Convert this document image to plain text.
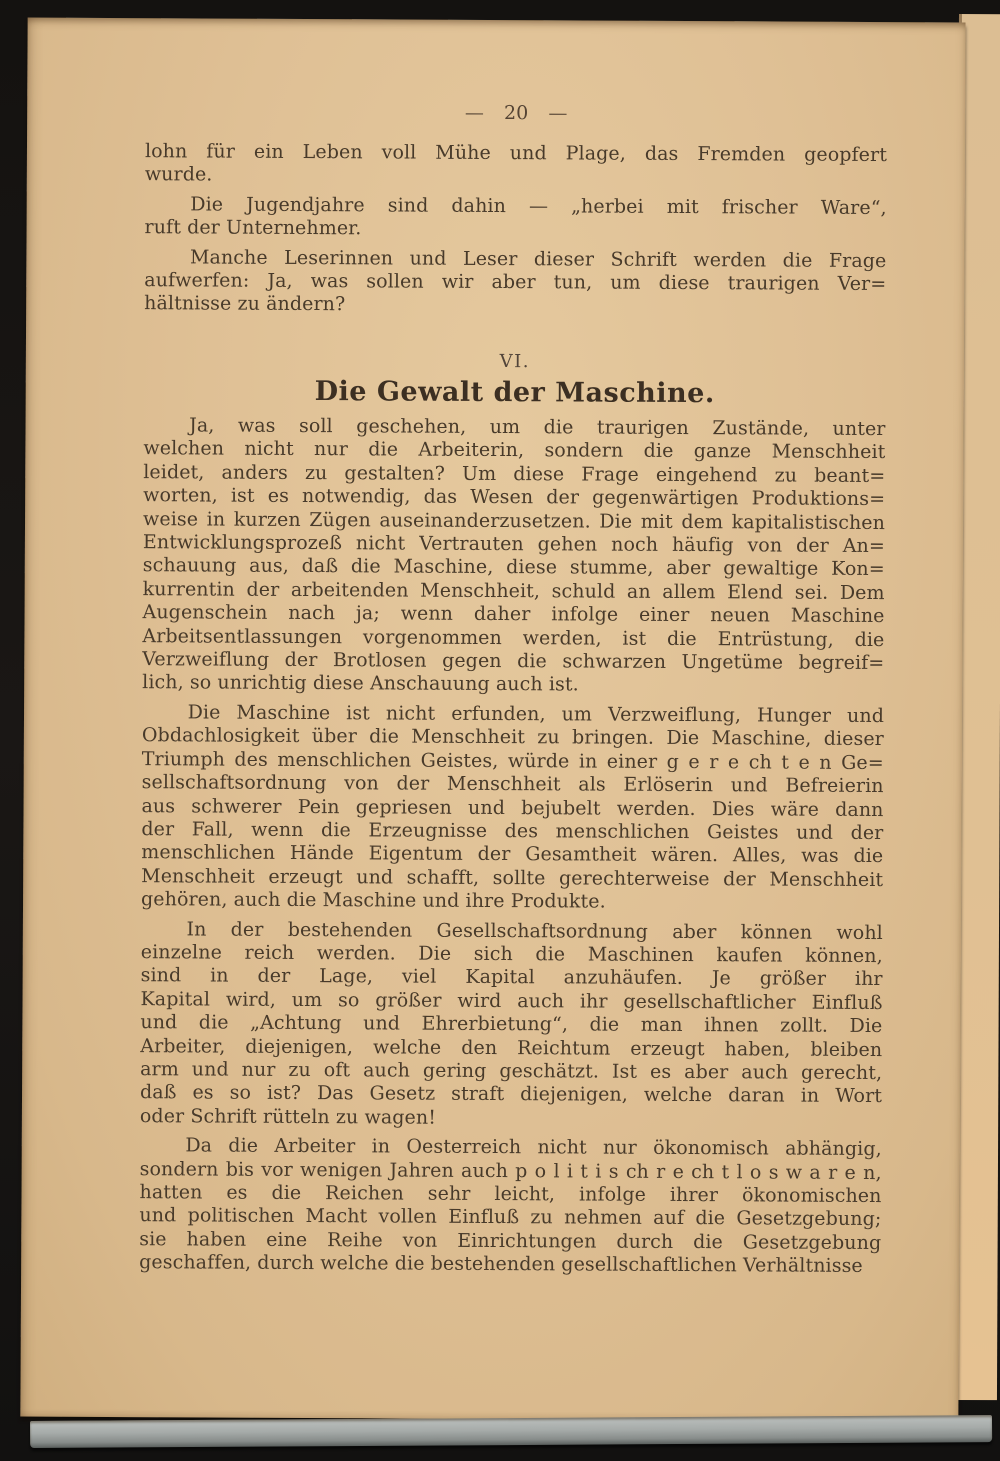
— 20 —
lohn für ein Leben voll Mühe und Plage, das Fremden geopfert
wurde.
Die Jugendjahre sind dahin — „herbei mit frischer Ware“,
ruft der Unternehmer.
Manche Leserinnen und Leser dieser Schrift werden die Frage
aufwerfen: Ja, was sollen wir aber tun, um diese traurigen Ver=
hältnisse zu ändern?
VI.
Die Gewalt der Maschine.
Ja, was soll geschehen, um die traurigen Zustände, unter
welchen nicht nur die Arbeiterin, sondern die ganze Menschheit
leidet, anders zu gestalten? Um diese Frage eingehend zu beant=
worten, ist es notwendig, das Wesen der gegenwärtigen Produktions=
weise in kurzen Zügen auseinanderzusetzen. Die mit dem kapitalistischen
Entwicklungsprozeß nicht Vertrauten gehen noch häufig von der An=
schauung aus, daß die Maschine, diese stumme, aber gewaltige Kon=
kurrentin der arbeitenden Menschheit, schuld an allem Elend sei. Dem
Augenschein nach ja; wenn daher infolge einer neuen Maschine
Arbeitsentlassungen vorgenommen werden, ist die Entrüstung, die
Verzweiflung der Brotlosen gegen die schwarzen Ungetüme begreif=
lich, so unrichtig diese Anschauung auch ist.
Die Maschine ist nicht erfunden, um Verzweiflung, Hunger und
Obdachlosigkeit über die Menschheit zu bringen. Die Maschine, dieser
Triumph des menschlichen Geistes, würde in einer g e r e ch t e n Ge=
sellschaftsordnung von der Menschheit als Erlöserin und Befreierin
aus schwerer Pein gepriesen und bejubelt werden. Dies wäre dann
der Fall, wenn die Erzeugnisse des menschlichen Geistes und der
menschlichen Hände Eigentum der Gesamtheit wären. Alles, was die
Menschheit erzeugt und schafft, sollte gerechterweise der Menschheit
gehören, auch die Maschine und ihre Produkte.
In der bestehenden Gesellschaftsordnung aber können wohl
einzelne reich werden. Die sich die Maschinen kaufen können,
sind in der Lage, viel Kapital anzuhäufen. Je größer ihr
Kapital wird, um so größer wird auch ihr gesellschaftlicher Einfluß
und die „Achtung und Ehrerbietung“, die man ihnen zollt. Die
Arbeiter, diejenigen, welche den Reichtum erzeugt haben, bleiben
arm und nur zu oft auch gering geschätzt. Ist es aber auch gerecht,
daß es so ist? Das Gesetz straft diejenigen, welche daran in Wort
oder Schrift rütteln zu wagen!
Da die Arbeiter in Oesterreich nicht nur ökonomisch abhängig,
sondern bis vor wenigen Jahren auch p o l i t i s ch r e ch t l o s w a r e n,
hatten es die Reichen sehr leicht, infolge ihrer ökonomischen
und politischen Macht vollen Einfluß zu nehmen auf die Gesetzgebung;
sie haben eine Reihe von Einrichtungen durch die Gesetzgebung
geschaffen, durch welche die bestehenden gesellschaftlichen Verhältnisse
